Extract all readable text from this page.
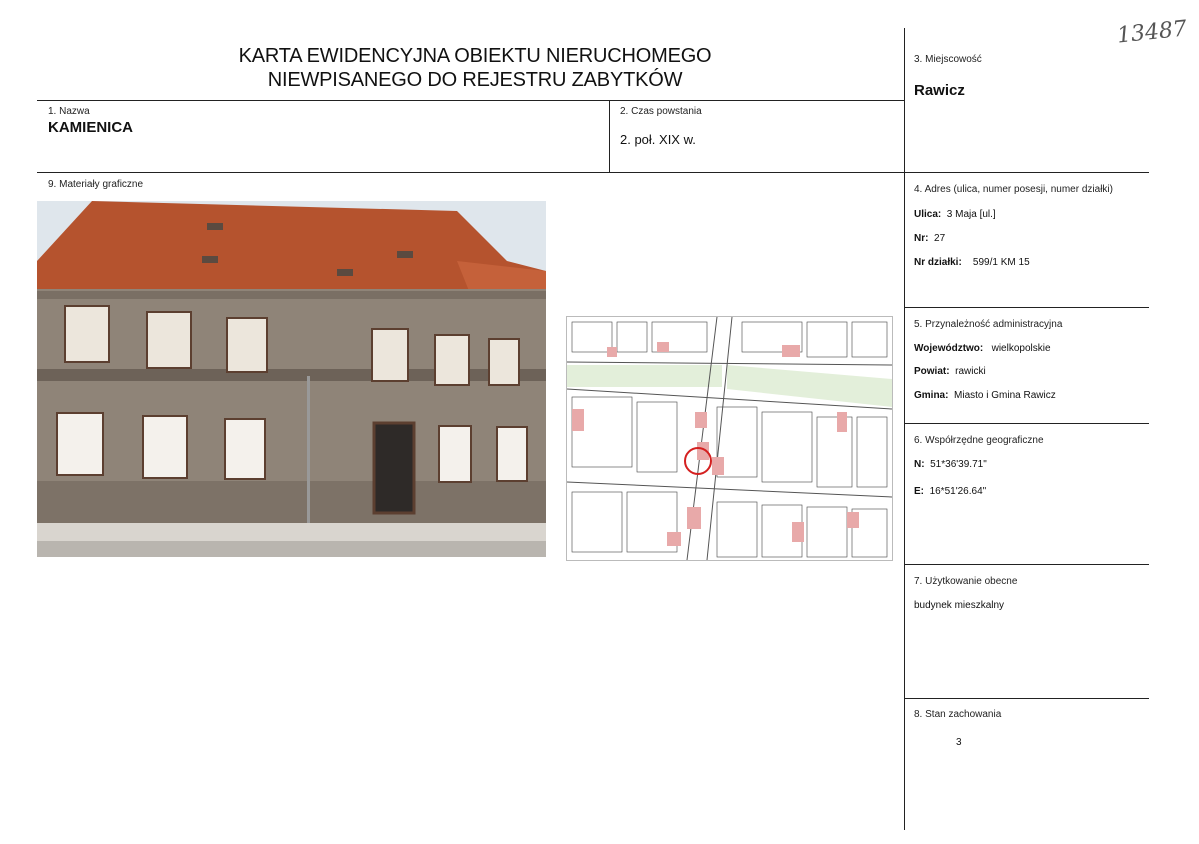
KARTA EWIDENCYJNA OBIEKTU NIERUCHOMEGO
NIEWPISANEGO DO REJESTRU ZABYTKÓW
13487
3. Miejscowość
Rawicz
1. Nazwa
KAMIENICA
2. Czas powstania
2. poł. XIX w.
9. Materiały graficzne	4. Adres (ulica, numer posesji, numer działki)
Ulica: 3 Maja [ul.]
Nr: 27
Nr działki: 599/1 KM 15
5. Przynależność administracyjna
Województwo: wielkopolskie
Powiat: rawicki
Gmina: Miasto i Gmina Rawicz
6. Współrzędne geograficzne
N: 51*36'39.71"
E: 16*51'26.64"
7. Użytkowanie obecne
budynek mieszkalny
8. Stan zachowania
3
